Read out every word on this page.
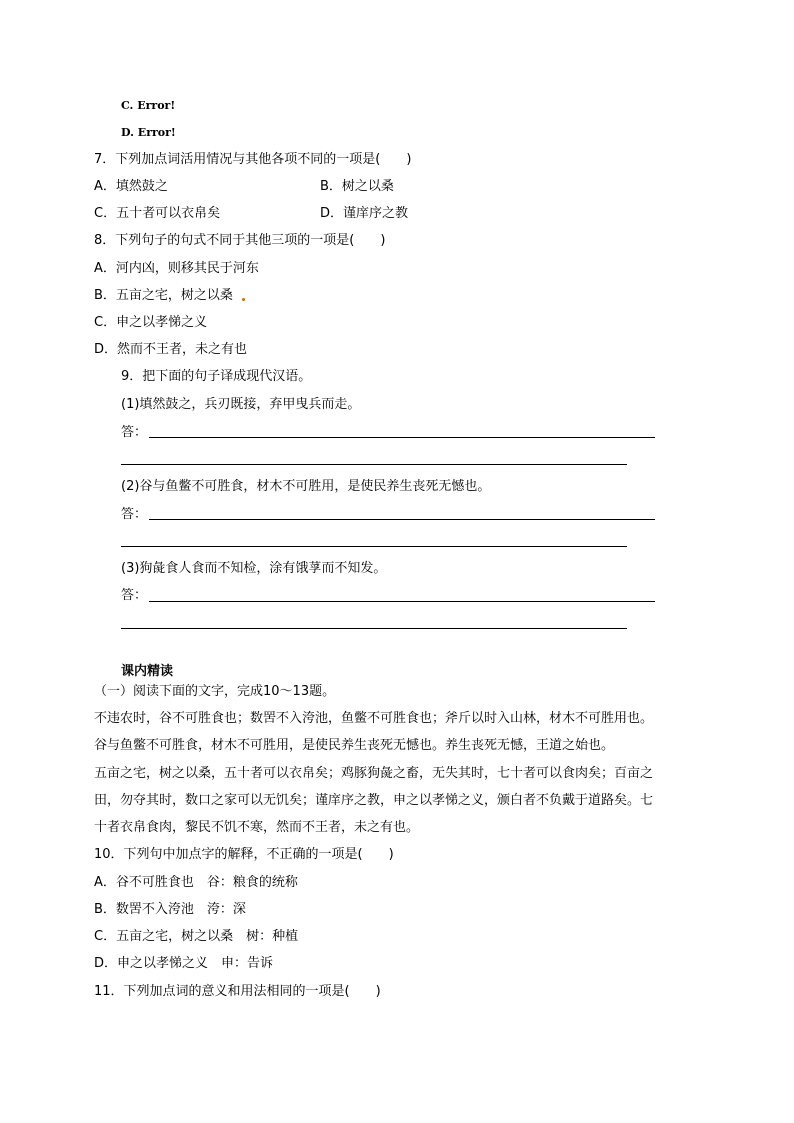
C. Error!
D. Error!
7．下列加点词活用情况与其他各项不同的一项是(　　)
A．填然鼓之	B．树之以桑
C．五十者可以衣帛矣	D．谨庠序之教
8．下列句子的句式不同于其他三项的一项是(　　)
A．河内凶，则移其民于河东
B．五亩之宅，树之以桑
C．申之以孝悌之义
D．然而不王者，未之有也
9．把下面的句子译成现代汉语。
(1)填然鼓之，兵刃既接，弃甲曳兵而走。
答：
(2)谷与鱼鳖不可胜食，材木不可胜用，是使民养生丧死无憾也。
答：
(3)狗彘食人食而不知检，涂有饿莩而不知发。
答：
课内精读
（一）阅读下面的文字，完成10～13题。
不违农时，谷不可胜食也；数罟不入洿池，鱼鳖不可胜食也；斧斤以时入山林，材木不可胜用也。
谷与鱼鳖不可胜食，材木不可胜用，是使民养生丧死无憾也。养生丧死无憾，王道之始也。
五亩之宅，树之以桑，五十者可以衣帛矣；鸡豚狗彘之畜，无失其时，七十者可以食肉矣；百亩之
田，勿夺其时，数口之家可以无饥矣；谨庠序之教，申之以孝悌之义，颁白者不负戴于道路矣。七
十者衣帛食肉，黎民不饥不寒，然而不王者，未之有也。
10．下列句中加点字的解释，不正确的一项是(　　)
A．谷不可胜食也　谷：粮食的统称
B．数罟不入洿池　洿：深
C．五亩之宅，树之以桑　树：种植
D．申之以孝悌之义　申：告诉
11．下列加点词的意义和用法相同的一项是(　　)
